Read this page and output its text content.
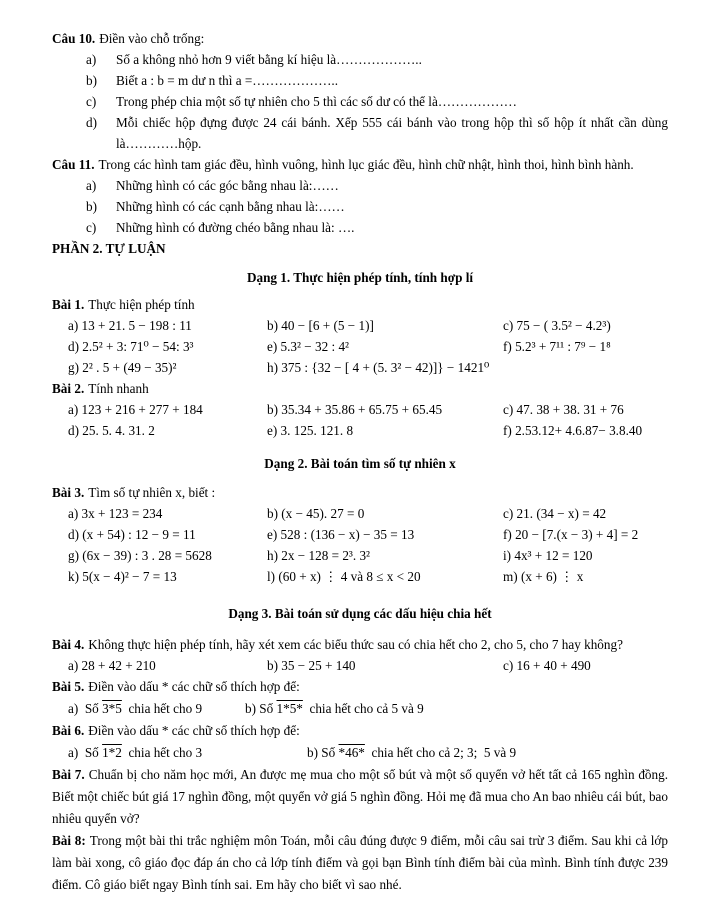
Câu 10. Điền vào chỗ trống:

a)	Số a không nhỏ hơn 9 viết bằng kí hiệu là………………..
b)	Biết a : b = m dư n thì a =………………..
c)	Trong phép chia một số tự nhiên cho 5 thì các số dư có thể là………………
d)	Mỗi chiếc hộp đựng được 24 cái bánh. Xếp 555 cái bánh vào trong hộp thì số hộp ít nhất cần dùng là…………hộp.

Câu 11. Trong các hình tam giác đều, hình vuông, hình lục giác đều, hình chữ nhật, hình thoi, hình bình hành.

a)	Những hình có các góc bằng nhau là:……
b)	Những hình có các cạnh bằng nhau là:……
c)	Những hình có đường chéo bằng nhau là: ….

PHẦN 2. TỰ LUẬN

Dạng 1. Thực hiện phép tính, tính hợp lí

Bài 1. Thực hiện phép tính

a) 13 + 21. 5 − 198 : 11	b) 40 − [6 + (5 − 1)]	c) 75 − ( 3.5² − 4.2³)
d) 2.5² + 3: 71⁰ − 54: 3³	e) 5.3² − 32 : 4²	f) 5.2³ + 7¹¹ : 7⁹ − 1⁸
g) 2² . 5 + (49 − 35)²	h) 375 : {32 − [ 4 + (5. 3² − 42)]} − 1421⁰

Bài 2. Tính nhanh

a) 123 + 216 + 277 + 184	b) 35.34 + 35.86 + 65.75 + 65.45	c) 47. 38 + 38. 31 + 76
d) 25. 5. 4. 31. 2	e) 3. 125. 121. 8	f) 2.53.12+ 4.6.87− 3.8.40
Dạng 2. Bài toán tìm số tự nhiên x

Bài 3. Tìm số tự nhiên x, biết :

a) 3x + 123 = 234	b) (x − 45). 27 = 0	c) 21. (34 − x) = 42
d) (x + 54) : 12 − 9 = 11	e) 528 : (136 − x) − 35 = 13	f) 20 − [7.(x − 3) + 4] = 2
g) (6x − 39) : 3 . 28 = 5628	h) 2x − 128 = 2³. 3²	i) 4x³ + 12 = 120
k) 5(x − 4)² − 7 = 13	l) (60 + x) ⋮ 4 và 8 ≤ x < 20	m) (x + 6) ⋮ x
Dạng 3. Bài toán sử dụng các dấu hiệu chia hết

Bài 4. Không thực hiện phép tính, hãy xét xem các biểu thức sau có chia hết cho 2, cho 5, cho 7 hay không?

a) 28 + 42 + 210	b) 35 − 25 + 140	c) 16 + 40 + 490

Bài 5. Điền vào dấu * các chữ số thích hợp để:

a)  Số 3*5  chia hết cho 9	b) Số 1*5*  chia hết cho cả 5 và 9

Bài 6. Điền vào dấu * các chữ số thích hợp để:

a)  Số 1*2  chia hết cho 3	b) Số *46*  chia hết cho cả 2; 3;  5 và 9

Bài 7. Chuẩn bị cho năm học mới, An được mẹ mua cho một số bút và một số quyển vở hết tất cả 165 nghìn đồng. Biết một chiếc bút giá 17 nghìn đồng, một quyển vở giá 5 nghìn đồng. Hỏi mẹ đã mua cho An bao nhiêu cái bút, bao nhiêu quyển vở?

Bài 8: Trong một bài thi trắc nghiệm môn Toán, mỗi câu đúng được 9 điểm, mỗi câu sai trừ 3 điểm. Sau khi cả lớp làm bài xong, cô giáo đọc đáp án cho cả lớp tính điểm và gọi bạn Bình tính điểm bài của mình. Bình tính được 239 điểm. Cô giáo biết ngay Bình tính sai. Em hãy cho biết vì sao nhé.
